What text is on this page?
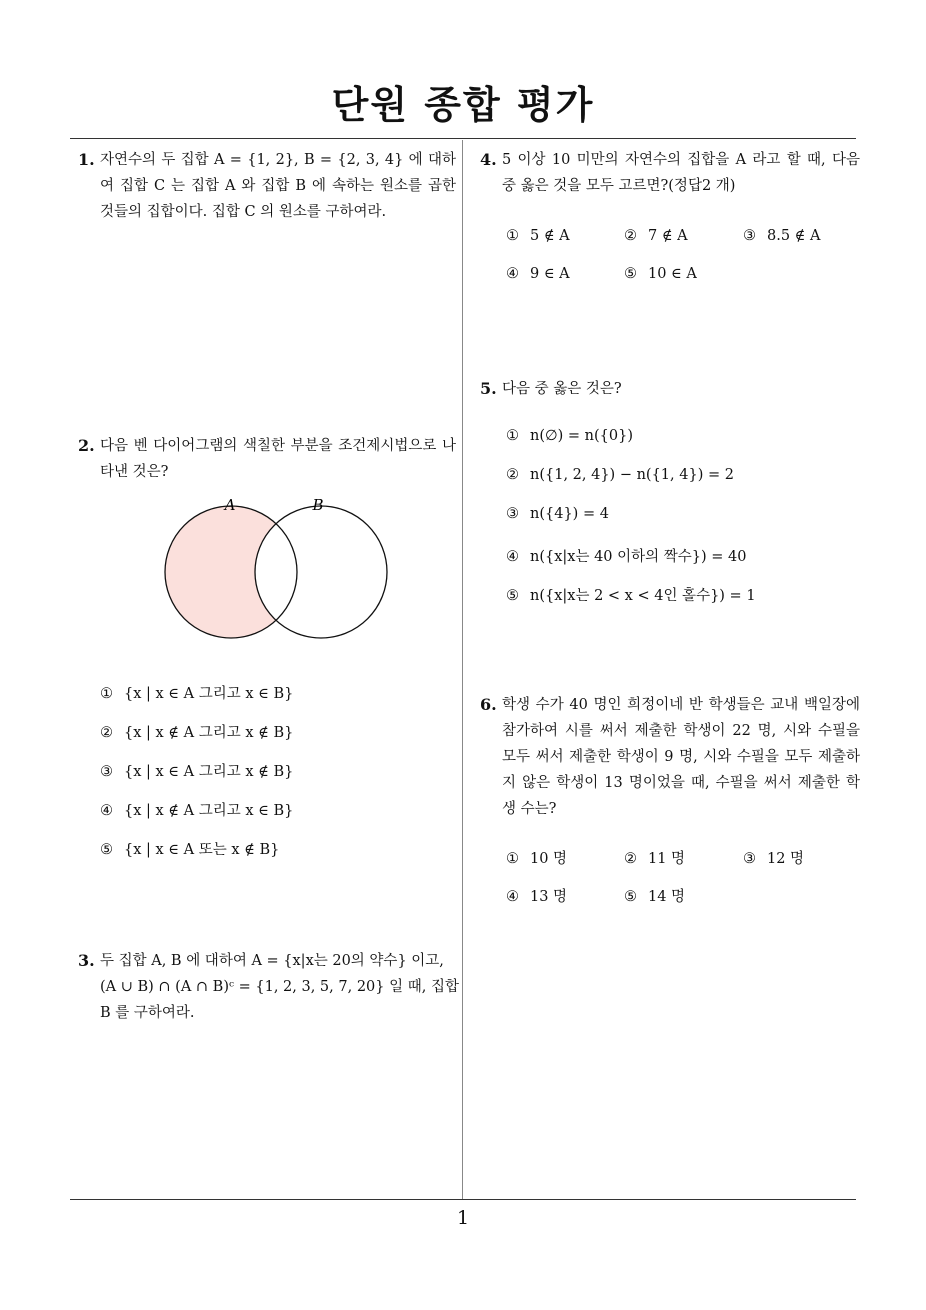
단원 종합 평가
1
1. 자연수의 두 집합 A = {1, 2}, B = {2, 3, 4} 에 대하여 집합 C 는 집합 A 와 집합 B 에 속하는 원소를 곱한 것들의 집합이다. 집합 C 의 원소를 구하여라.
2. 다음 벤 다이어그램의 색칠한 부분을 조건제시법으로 나타낸 것은?
A	B
① {x | x ∈ A 그리고 x ∈ B}
② {x | x ∉ A 그리고 x ∉ B}
③ {x | x ∈ A 그리고 x ∉ B}
④ {x | x ∉ A 그리고 x ∈ B}
⑤ {x | x ∈ A 또는 x ∉ B}
3. 두 집합 A, B 에 대하여 A = {x|x는 20의 약수} 이고,
(A ∪ B) ∩ (A ∩ B)ᶜ = {1, 2, 3, 5, 7, 20} 일 때, 집합
B 를 구하여라.
4. 5 이상 10 미만의 자연수의 집합을 A 라고 할 때, 다음 중 옳은 것을 모두 고르면?(정답2 개)
① 5 ∉ A	② 7 ∉ A	③ 8.5 ∉ A
④ 9 ∈ A	⑤ 10 ∈ A
5. 다음 중 옳은 것은?
① n(∅) = n({0})
② n({1, 2, 4}) − n({1, 4}) = 2
③ n({4}) = 4
④ n({x|x는 40 이하의 짝수}) = 40
⑤ n({x|x는 2 < x < 4인 홀수}) = 1
6. 학생 수가 40 명인 희정이네 반 학생들은 교내 백일장에 참가하여 시를 써서 제출한 학생이 22 명, 시와 수필을 모두 써서 제출한 학생이 9 명, 시와 수필을 모두 제출하지 않은 학생이 13 명이었을 때, 수필을 써서 제출한 학생 수는?
① 10 명	② 11 명	③ 12 명
④ 13 명	⑤ 14 명
